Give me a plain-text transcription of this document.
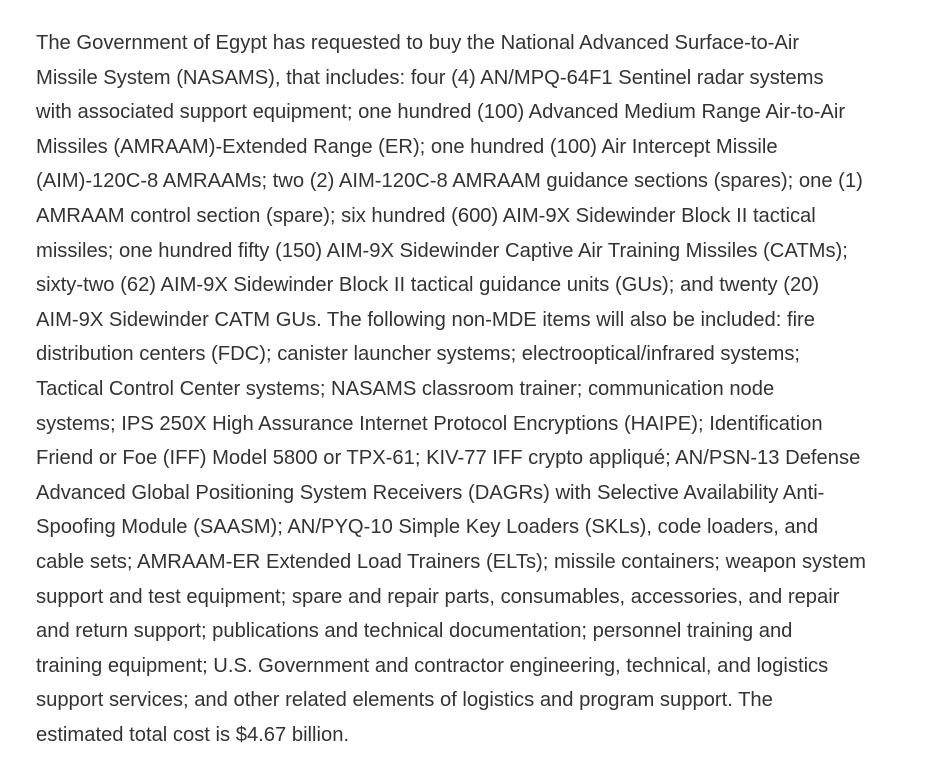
The Government of Egypt has requested to buy the National Advanced Surface-to-Air
Missile System (NASAMS), that includes: four (4) AN/MPQ-64F1 Sentinel radar systems
with associated support equipment; one hundred (100) Advanced Medium Range Air-to-Air
Missiles (AMRAAM)-Extended Range (ER); one hundred (100) Air Intercept Missile
(AIM)-120C-8 AMRAAMs; two (2) AIM-120C-8 AMRAAM guidance sections (spares); one (1)
AMRAAM control section (spare); six hundred (600) AIM-9X Sidewinder Block II tactical
missiles; one hundred fifty (150) AIM-9X Sidewinder Captive Air Training Missiles (CATMs);
sixty-two (62) AIM-9X Sidewinder Block II tactical guidance units (GUs); and twenty (20)
AIM-9X Sidewinder CATM GUs. The following non-MDE items will also be included: fire
distribution centers (FDC); canister launcher systems; electrooptical/infrared systems;
Tactical Control Center systems; NASAMS classroom trainer; communication node
systems; IPS 250X High Assurance Internet Protocol Encryptions (HAIPE); Identification
Friend or Foe (IFF) Model 5800 or TPX-61; KIV-77 IFF crypto appliqué; AN/PSN-13 Defense
Advanced Global Positioning System Receivers (DAGRs) with Selective Availability Anti-
Spoofing Module (SAASM); AN/PYQ-10 Simple Key Loaders (SKLs), code loaders, and
cable sets; AMRAAM-ER Extended Load Trainers (ELTs); missile containers; weapon system
support and test equipment; spare and repair parts, consumables, accessories, and repair
and return support; publications and technical documentation; personnel training and
training equipment; U.S. Government and contractor engineering, technical, and logistics
support services; and other related elements of logistics and program support. The
estimated total cost is $4.67 billion.
